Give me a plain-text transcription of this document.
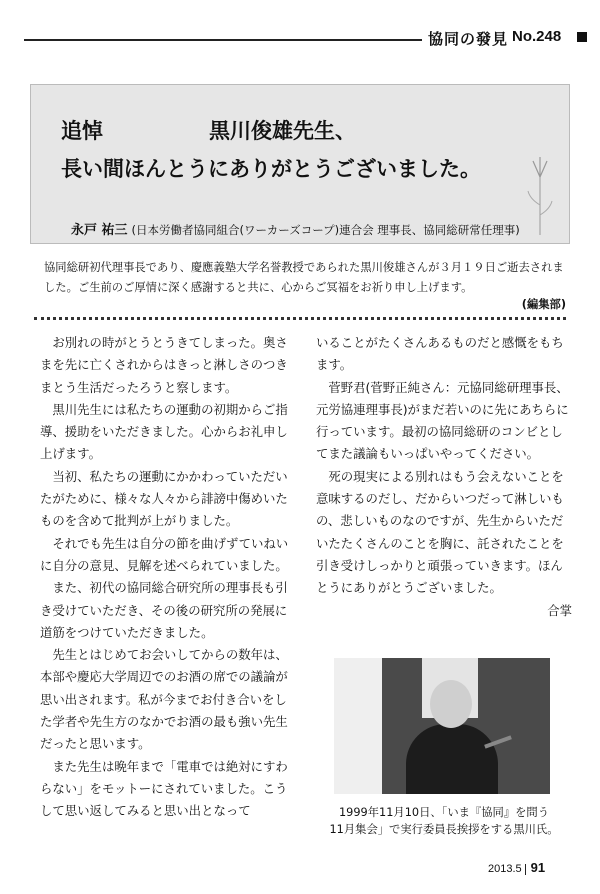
協同の發見 No.248
追悼	黒川俊雄先生、
長い間ほんとうにありがとうございました。
永戸 祐三 (日本労働者協同組合(ワーカーズコープ)連合会 理事長、協同総研常任理事)
協同総研初代理事長であり、慶應義塾大学名誉教授であられた黒川俊雄さんが３月１９日ご逝去されました。ご生前のご厚情に深く感謝すると共に、心からご冥福をお祈り申し上げます。
(編集部)

お別れの時がとうとうきてしまった。奥さまを先に亡くされからはきっと淋しさのつきまとう生活だったろうと察します。

黒川先生には私たちの運動の初期からご指導、援助をいただきました。心からお礼申し上げます。

当初、私たちの運動にかかわっていただいたがために、様々な人々から誹謗中傷めいたものを含めて批判が上がりました。

それでも先生は自分の節を曲げずていねいに自分の意見、見解を述べられていました。

また、初代の協同総合研究所の理事長も引き受けていただき、その後の研究所の発展に道筋をつけていただきました。

先生とはじめてお会いしてからの数年は、本部や慶応大学周辺でのお酒の席での議論が思い出されます。私が今までお付き合いをした学者や先生方のなかでお酒の最も強い先生だったと思います。

また先生は晩年まで「電車では絶対にすわらない」をモットーにされていました。こうして思い返してみると思い出となって

いることがたくさんあるものだと感慨をもちます。

菅野君(菅野正純さん：元協同総研理事長、元労協連理事長)がまだ若いのに先にあちらに行っています。最初の協同総研のコンビとしてまた議論もいっぱいやってください。

死の現実による別れはもう会えないことを意味するのだし、だからいつだって淋しいもの、悲しいものなのですが、先生からいただいたたくさんのことを胸に、託されたことを引き受けしっかりと頑張っていきます。ほんとうにありがとうございました。

合掌

1999年11月10日、「いま『協同』を問う
11月集会」で実行委員長挨拶をする黒川氏。
2013.5 91
